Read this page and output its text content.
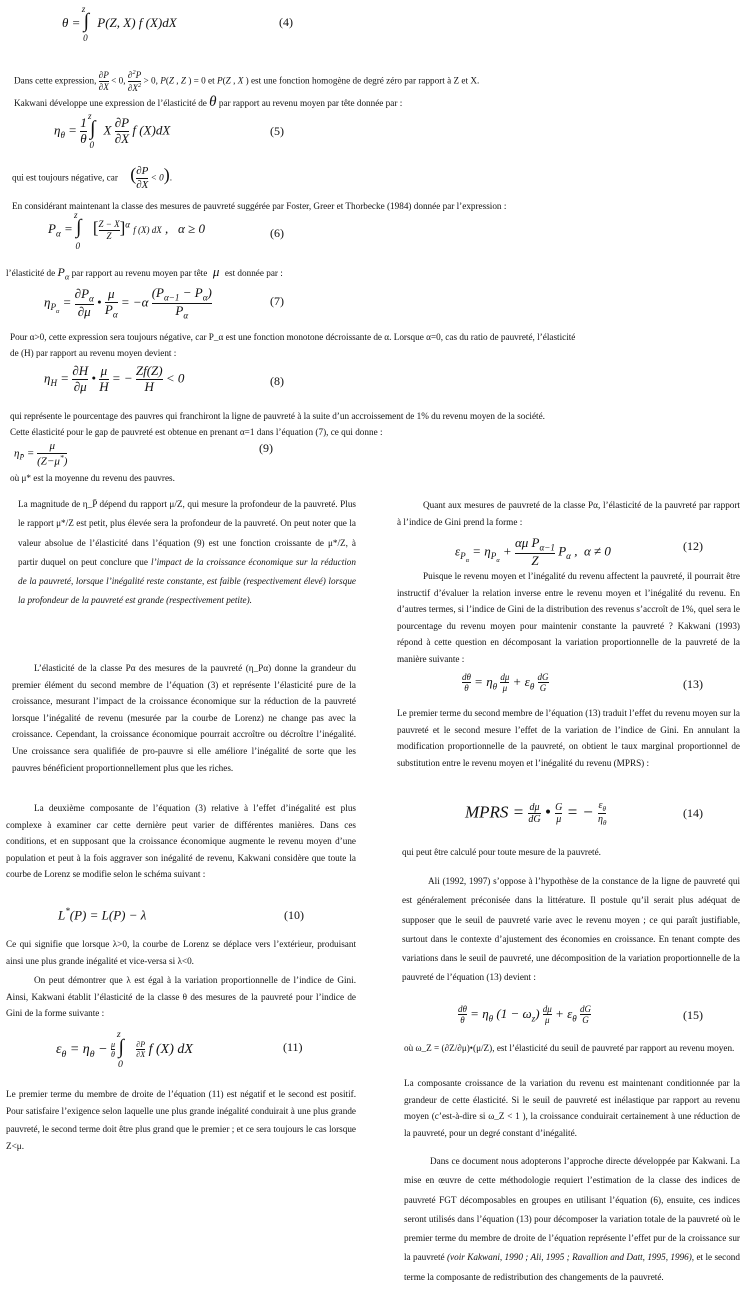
$\theta = \int_0^zP(Z$, X) f (X)dX	(4)
Dans cette expression, $\frac{\partial P}{\partial X} < 0$, $\frac{\partial^2P}{\partial X^2} > 0$, P(Z , Z ) = 0 et P(Z , X ) est une fonction homogène de degré zéro par rapport à Z et X.
Kakwani développe une expression de l’élasticité de θ par rapport au revenu moyen par tête donnée par :
$\eta_\theta = \frac{1}{\theta} \int_0^zX \frac{\partial P}{\partial X}$ f (X)dX	(5)
qui est toujours négative, car ( $\frac{\partial P}{\partial X} < 0$).
En considérant maintenant la classe des mesures de pauvreté suggérée par Foster, Greer et Thorbecke (1984) donnée par l’expression :
$P_\alpha = \int_0^z$ [ $\frac{Z - X}{Z} ]^\alpha$ f (X) dX ,   α ≥ 0	(6)
l’élasticité de $P_\alpha$ par rapport au revenu moyen par tête  μ  est donnée par :
$\eta_{P_\alpha} = \frac{\partial P_\alpha}{\partial\mu}$ • $\frac{\mu}{P_\alpha} = -\alpha \frac{(P_{\alpha-1} - P_\alpha)}{P_\alpha}$	(7)
Pour α>0, cette expression sera toujours négative, car P_α est une fonction monotone décroissante de α. Lorsque α=0, cas du ratio de pauvreté, l’élasticité
de (H) par rapport au revenu moyen devient :
$\eta_H = \frac{\partial H}{\partial\mu}$ • $\frac{\mu}{H}$ = − $\frac{Zf(Z)}{H} < 0$	(8)
qui représente le pourcentage des pauvres qui franchiront la ligne de pauvreté à la suite d’un accroissement de 1% du revenu moyen de la société.
Cette élasticité pour le gap de pauvreté est obtenue en prenant α=1 dans l’équation (7), ce qui donne :
$\eta_{P̄} = \frac{\mu}{(Z-\mu^*)}$	(9)
où μ* est la moyenne du revenu des pauvres.
La magnitude de η_P̄ dépend du rapport μ/Z, qui mesure la profondeur de la pauvreté. Plus le rapport μ*/Z est petit, plus élevée sera la profondeur de la pauvreté. On peut noter que la valeur absolue de l’élasticité dans l’équation (9) est une fonction croissante de μ*/Z, à partir duquel on peut conclure que l’impact de la croissance économique sur la réduction de la pauvreté, lorsque l’inégalité reste constante, est faible (respectivement élevé) lorsque la profondeur de la pauvreté est grande (respectivement petite).
L’élasticité de la classe Pα des mesures de la pauvreté (η_Pα) donne la grandeur du premier élément du second membre de l’équation (3) et représente l’élasticité pure de la croissance, mesurant l’impact de la croissance économique sur la réduction de la pauvreté lorsque l’inégalité de revenu (mesurée par la courbe de Lorenz) ne change pas avec la croissance. Cependant, la croissance économique pourrait accroître ou décroître l’inégalité. Une croissance sera qualifiée de pro-pauvre si elle améliore l’inégalité de sorte que les pauvres bénéficient proportionnellement plus que les riches.
La deuxième composante de l’équation (3) relative à l’effet d’inégalité est plus complexe à examiner car cette dernière peut varier de différentes manières. Dans ces conditions, et en supposant que la croissance économique augmente le revenu moyen d’une population et peut à la fois aggraver son inégalité de revenu, Kakwani considère que toute la courbe de Lorenz se modifie selon le schéma suivant :
L*(P) = L(P) − λ	(10)
Ce qui signifie que lorsque λ>0, la courbe de Lorenz se déplace vers l’extérieur, produisant ainsi une plus grande inégalité et vice-versa si λ<0.
On peut démontrer que λ est égal à la variation proportionnelle de l’indice de Gini. Ainsi, Kakwani établit l’élasticité de la classe θ des mesures de la pauvreté pour l’indice de Gini de la forme suivante :
$\varepsilon_\theta = \eta_\theta - \frac{\mu}{\theta} \int_0^z$
$\frac{\partial P}{\partial X}$ f (X) dX	(11)
Le premier terme du membre de droite de l’équation (11) est négatif et le second est positif. Pour satisfaire l’exigence selon laquelle une plus grande inégalité conduirait à une plus grande pauvreté, le second terme doit être plus grand que le premier ; et ce sera toujours le cas lorsque Z<μ.
Quant aux mesures de pauvreté de la classe Pα, l’élasticité de la pauvreté par rapport à l’indice de Gini prend la forme :
$\varepsilon_{P_\alpha} = \eta_{P_\alpha} + \frac{\alpha\mu P_{\alpha-1}}{Z} P_\alpha$ ,  α ≠ 0	(12)
Puisque le revenu moyen et l’inégalité du revenu affectent la pauvreté, il pourrait être instructif d’évaluer la relation inverse entre le revenu moyen et l’inégalité du revenu. En d’autres termes, si l’indice de Gini de la distribution des revenus s’accroît de 1%, quel sera le pourcentage du revenu moyen pour maintenir constante la pauvreté ? Kakwani (1993) répond à cette question en décomposant la variation proportionnelle de la pauvreté de la manière suivante :
$\frac{d\theta}{\theta} = \eta_\theta \frac{d\mu}{\mu} + \varepsilon_\theta \frac{dG}{G}$	(13)
Le premier terme du second membre de l’équation (13) traduit l’effet du revenu moyen sur la pauvreté et le second mesure l’effet de la variation de l’indice de Gini. En annulant la modification proportionnelle de la pauvreté, on obtient le taux marginal proportionnel de substitution entre le revenu moyen et l’inégalité du revenu (MPRS) :
MPRS = $\frac{d\mu}{dG}$ • $\frac{G}{\mu}$ = − $\frac{\varepsilon_\theta}{\eta_\theta}$	(14)
qui peut être calculé pour toute mesure de la pauvreté.
Ali (1992, 1997) s’oppose à l’hypothèse de la constance de la ligne de pauvreté qui est généralement préconisée dans la littérature. Il postule qu’il serait plus adéquat de supposer que le seuil de pauvreté varie avec le revenu moyen ; ce qui paraît justifiable, surtout dans le contexte d’ajustement des économies en croissance. En tenant compte des variations dans le seuil de pauvreté, une décomposition de la variation proportionnelle de la pauvreté de l’équation (13) devient :
$\frac{d\theta}{\theta} = \eta_\theta$ $(1 - \omega_z) \frac{d\mu}{\mu} + \varepsilon_\theta \frac{dG}{G}$	(15)
où ω_Z = (∂Z/∂μ)•(μ/Z), est l’élasticité du seuil de pauvreté par rapport au revenu moyen.
La composante croissance de la variation du revenu est maintenant conditionnée par la grandeur de cette élasticité. Si le seuil de pauvreté est inélastique par rapport au revenu moyen (c’est-à-dire si ω_Z < 1 ), la croissance conduirait certainement à une réduction de la pauvreté, pour un degré constant d’inégalité.
Dans ce document nous adopterons l’approche directe développée par Kakwani. La mise en œuvre de cette méthodologie requiert l’estimation de la classe des indices de pauvreté FGT décomposables en groupes en utilisant l’équation (6), ensuite, ces indices seront utilisés dans l’équation (13) pour décomposer la variation totale de la pauvreté où le premier terme du membre de droite de l’équation représente l’effet pur de la croissance sur la pauvreté (voir Kakwani, 1990 ; Ali, 1995 ; Ravallion and Datt, 1995, 1996), et le second terme la composante de redistribution des changements de la pauvreté.
